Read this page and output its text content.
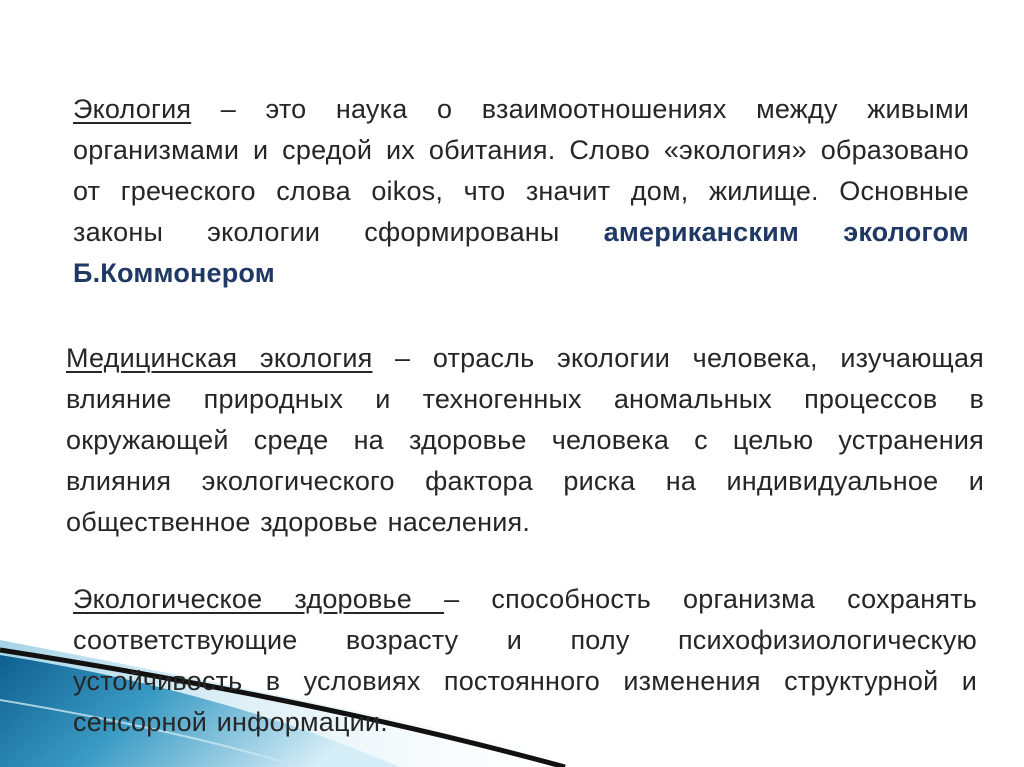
Экология – это наука о взаимоотношениях между живыми организмами и средой их обитания. Слово «экология» образовано от греческого слова oikos, что значит дом, жилище. Основные законы экологии сформированы американским экологом Б.Коммонером

Медицинская экология – отрасль экологии человека, изучающая влияние природных и техногенных аномальных процессов в окружающей среде на здоровье человека с целью устранения влияния экологического фактора риска на индивидуальное и общественное здоровье населения.

Экологическое здоровье – способность организма сохранять соответствующие возрасту и полу психофизиологическую устойчивость в условиях постоянного изменения структурной и сенсорной информации.
